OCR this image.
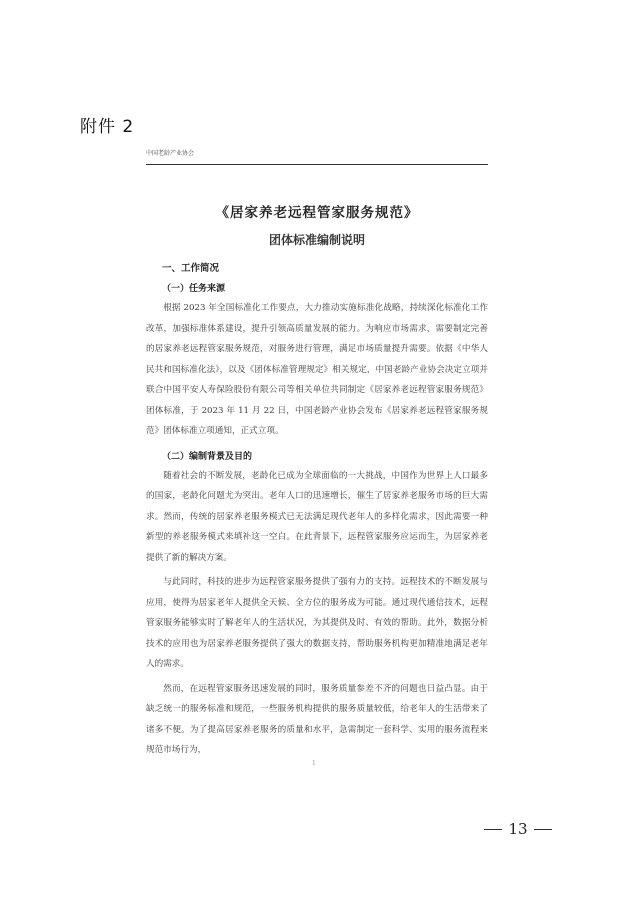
附件 2
中国老龄产业协会
《居家养老远程管家服务规范》
团体标准编制说明
一、工作简况
（一）任务来源

根据 2023 年全国标准化工作要点，大力推动实施标准化战略，持续深化标准化工作改革，加强标准体系建设，提升引领高质量发展的能力。为响应市场需求，需要制定完善的居家养老远程管家服务规范，对服务进行管理，满足市场质量提升需要。依据《中华人民共和国标准化法》，以及《团体标准管理规定》相关规定，中国老龄产业协会决定立项并联合中国平安人寿保险股份有限公司等相关单位共同制定《居家养老远程管家服务规范》团体标准，于 2023 年 11 月 22 日，中国老龄产业协会发布《居家养老远程管家服务规范》团体标准立项通知，正式立项。

（二）编制背景及目的

随着社会的不断发展，老龄化已成为全球面临的一大挑战，中国作为世界上人口最多的国家，老龄化问题尤为突出。老年人口的迅速增长，催生了居家养老服务市场的巨大需求。然而，传统的居家养老服务模式已无法满足现代老年人的多样化需求，因此需要一种新型的养老服务模式来填补这一空白。在此背景下，远程管家服务应运而生，为居家养老提供了新的解决方案。

与此同时，科技的进步为远程管家服务提供了强有力的支持。远程技术的不断发展与应用，使得为居家老年人提供全天候、全方位的服务成为可能。通过现代通信技术，远程管家服务能够实时了解老年人的生活状况，为其提供及时、有效的帮助。此外，数据分析技术的应用也为居家养老服务提供了强大的数据支持，帮助服务机构更加精准地满足老年人的需求。

然而，在远程管家服务迅速发展的同时，服务质量参差不齐的问题也日益凸显。由于缺乏统一的服务标准和规范，一些服务机构提供的服务质量较低，给老年人的生活带来了诸多不便。为了提高居家养老服务的质量和水平，急需制定一套科学、实用的服务流程来规范市场行为，

1
13
